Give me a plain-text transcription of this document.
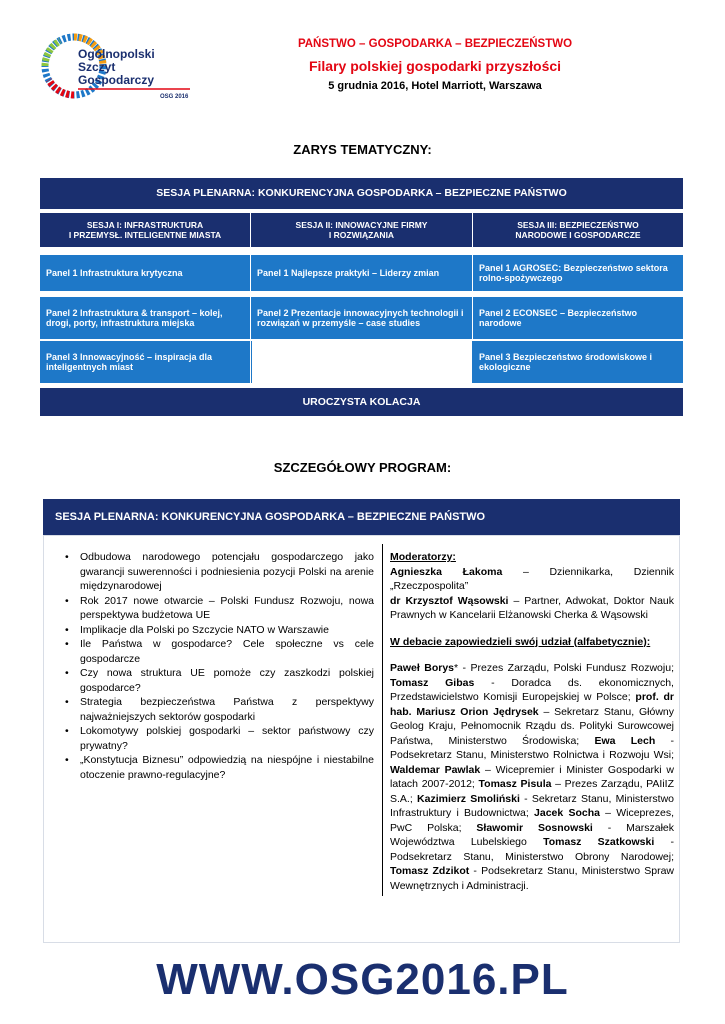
Ogólnopolski
Szczyt
Gospodarczy
OSG 2016
PAŃSTWO – GOSPODARKA – BEZPIECZEŃSTWO
Filary polskiej gospodarki przyszłości
5 grudnia 2016, Hotel Marriott, Warszawa
ZARYS TEMATYCZNY:
SESJA PLENARNA: KONKURENCYJNA GOSPODARKA – BEZPIECZNE PAŃSTWO
SESJA I: INFRASTRUKTURA
I PRZEMYSŁ. INTELIGENTNE MIASTA
SESJA II: INNOWACYJNE FIRMY
I ROZWIĄZANIA
SESJA III: BEZPIECZEŃSTWO
NARODOWE I GOSPODARCZE
Panel 1 Infrastruktura krytyczna	Panel 1 Najlepsze praktyki – Liderzy zmian	Panel 1 AGROSEC: Bezpieczeństwo sektora rolno-spożywczego
Panel 2 Infrastruktura & transport – kolej, drogi, porty, infrastruktura miejska
Panel 2 Prezentacje innowacyjnych technologii i rozwiązań w przemyśle – case studies
Panel 2 ECONSEC – Bezpieczeństwo narodowe
Panel 3 Innowacyjność – inspiracja dla inteligentnych miast
Panel 3 Bezpieczeństwo środowiskowe i ekologiczne
UROCZYSTA KOLACJA
SZCZEGÓŁOWY PROGRAM:
SESJA PLENARNA: KONKURENCYJNA GOSPODARKA – BEZPIECZNE PAŃSTWO
• Odbudowa narodowego potencjału gospodarczego jako gwarancji suwerenności i podniesienia pozycji Polski na arenie międzynarodowej
• Rok 2017 nowe otwarcie – Polski Fundusz Rozwoju, nowa perspektywa budżetowa UE
• Implikacje dla Polski po Szczycie NATO w Warszawie
• Ile Państwa w gospodarce? Cele społeczne vs cele gospodarcze
• Czy nowa struktura UE pomoże czy zaszkodzi polskiej gospodarce?
• Strategia bezpieczeństwa Państwa z perspektywy najważniejszych sektorów gospodarki
• Lokomotywy polskiej gospodarki – sektor państwowy czy prywatny?
• „Konstytucja Biznesu” odpowiedzią na niespójne i niestabilne otoczenie prawno-regulacyjne?
Moderatorzy:
Agnieszka Łakoma – Dziennikarka, Dziennik „Rzeczpospolita”
dr Krzysztof Wąsowski – Partner, Adwokat, Doktor Nauk Prawnych w Kancelarii Elżanowski Cherka & Wąsowski
W debacie zapowiedzieli swój udział (alfabetycznie):
Paweł Borys* - Prezes Zarządu, Polski Fundusz Rozwoju; Tomasz Gibas - Doradca ds. ekonomicznych, Przedstawicielstwo Komisji Europejskiej w Polsce; prof. dr hab. Mariusz Orion Jędrysek – Sekretarz Stanu, Główny Geolog Kraju, Pełnomocnik Rządu ds. Polityki Surowcowej Państwa, Ministerstwo Środowiska; Ewa Lech - Podsekretarz Stanu, Ministerstwo Rolnictwa i Rozwoju Wsi; Waldemar Pawlak – Wicepremier i Minister Gospodarki w latach 2007-2012; Tomasz Pisula – Prezes Zarządu, PAIiIZ S.A.; Kazimierz Smoliński - Sekretarz Stanu, Ministerstwo Infrastruktury i Budownictwa; Jacek Socha – Wiceprezes, PwC Polska; Sławomir Sosnowski - Marszałek Województwa Lubelskiego Tomasz Szatkowski - Podsekretarz Stanu, Ministerstwo Obrony Narodowej; Tomasz Zdzikot - Podsekretarz Stanu, Ministerstwo Spraw Wewnętrznych i Administracji.
WWW.OSG2016.PL
